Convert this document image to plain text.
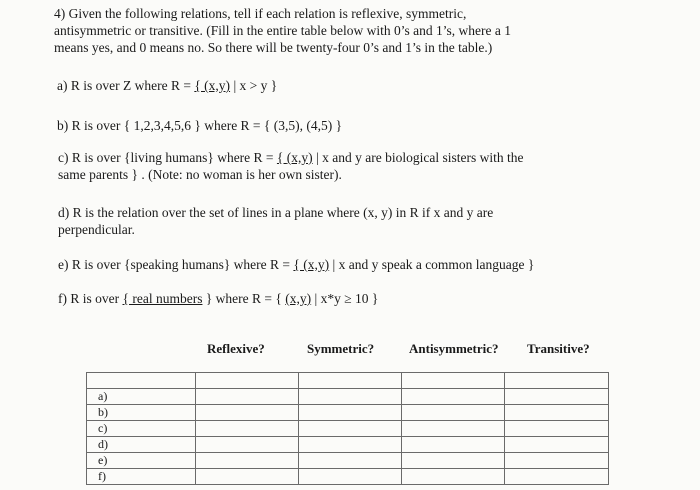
4) Given the following relations, tell if each relation is reflexive, symmetric,
antisymmetric or transitive. (Fill in the entire table below with 0’s and 1’s, where a 1
means yes, and 0 means no. So there will be twenty-four 0’s and 1’s in the table.)
a) R is over Z where R = { (x,y) | x > y }
b) R is over { 1,2,3,4,5,6 } where R = { (3,5), (4,5) }
c) R is over {living humans} where R = { (x,y) | x and y are biological sisters with the
same parents } . (Note: no woman is her own sister).
d) R is the relation over the set of lines in a plane where (x, y) in R if x and y are
perpendicular.
e) R is over {speaking humans} where R = { (x,y) | x and y speak a common language }
f) R is over { real numbers } where R = { (x,y) | x*y ≥ 10 }
Reflexive?	Symmetric?	Antisymmetric? Transitive?

a)				
b)				
c)				
d)				
e)				
f)				
